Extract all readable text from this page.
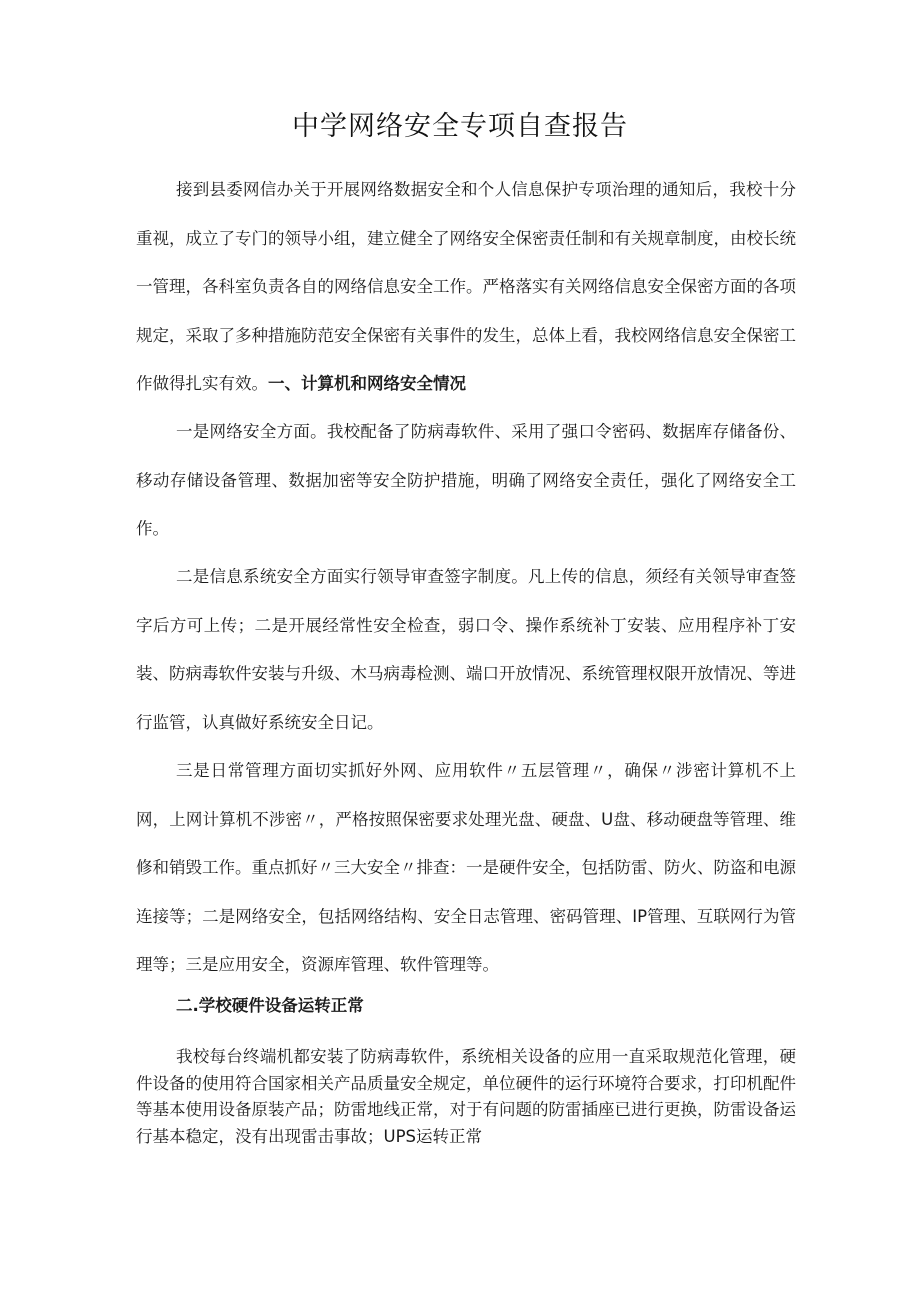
中学网络安全专项自查报告

接到县委网信办关于开展网络数据安全和个人信息保护专项治理的通知后，我校十分重视，成立了专门的领导小组，建立健全了网络安全保密责任制和有关规章制度，由校长统一管理，各科室负责各自的网络信息安全工作。严格落实有关网络信息安全保密方面的各项规定，采取了多种措施防范安全保密有关事件的发生，总体上看，我校网络信息安全保密工作做得扎实有效。一、计算机和网络安全情况

一是网络安全方面。我校配备了防病毒软件、采用了强口令密码、数据库存储备份、移动存储设备管理、数据加密等安全防护措施，明确了网络安全责任，强化了网络安全工作。

二是信息系统安全方面实行领导审查签字制度。凡上传的信息，须经有关领导审查签字后方可上传；二是开展经常性安全检查，弱口令、操作系统补丁安装、应用程序补丁安装、防病毒软件安装与升级、木马病毒检测、端口开放情况、系统管理权限开放情况、等进行监管，认真做好系统安全日记。

三是日常管理方面切实抓好外网、应用软件〃五层管理〃，确保〃涉密计算机不上网，上网计算机不涉密〃，严格按照保密要求处理光盘、硬盘、U盘、移动硬盘等管理、维修和销毁工作。重点抓好〃三大安全〃排查：一是硬件安全，包括防雷、防火、防盗和电源连接等；二是网络安全，包括网络结构、安全日志管理、密码管理、IP管理、互联网行为管理等；三是应用安全，资源库管理、软件管理等。

二.学校硬件设备运转正常

我校每台终端机都安装了防病毒软件，系统相关设备的应用一直采取规范化管理，硬件设备的使用符合国家相关产品质量安全规定，单位硬件的运行环境符合要求，打印机配件等基本使用设备原装产品；防雷地线正常，对于有问题的防雷插座已进行更换，防雷设备运行基本稳定，没有出现雷击事故；UPS运转正常
